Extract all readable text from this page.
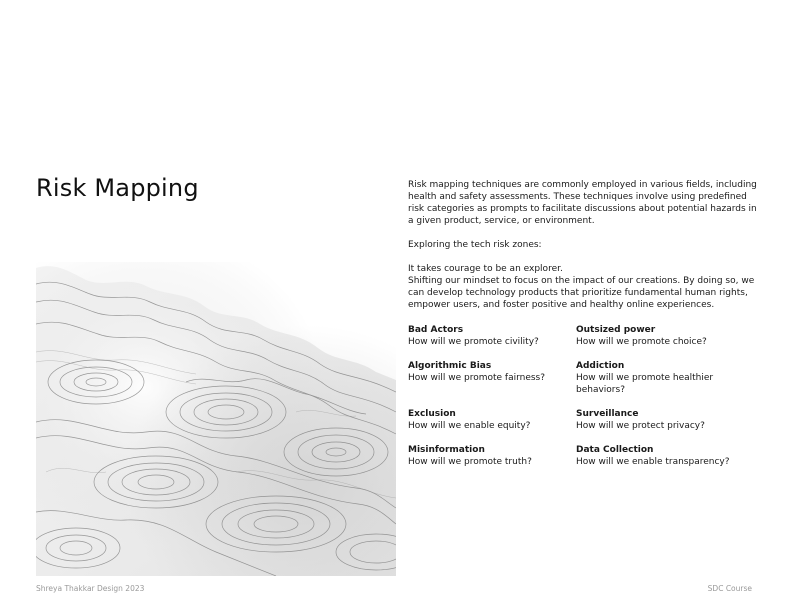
Risk Mapping	Risk mapping techniques are commonly employed in various fields, including health and safety assessments. These techniques involve using predefined risk categories as prompts to facilitate discussions about potential hazards in a given product, service, or environment.

Exploring the tech risk zones:

It takes courage to be an explorer.

Shifting our mindset to focus on the impact of our creations. By doing so, we can develop technology products that prioritize fundamental human rights, empower users, and foster positive and healthy online experiences.

Bad Actors
How will we promote civility?
Outsized power
How will we promote choice?
Algorithmic Bias
How will we promote fairness?
Addiction
How will we promote healthier behaviors?
Exclusion
How will we enable equity?
Surveillance
How will we protect privacy?
Misinformation
How will we promote truth?
Data Collection
How will we enable transparency?
Shreya Thakkar Design 2023	SDC Course
